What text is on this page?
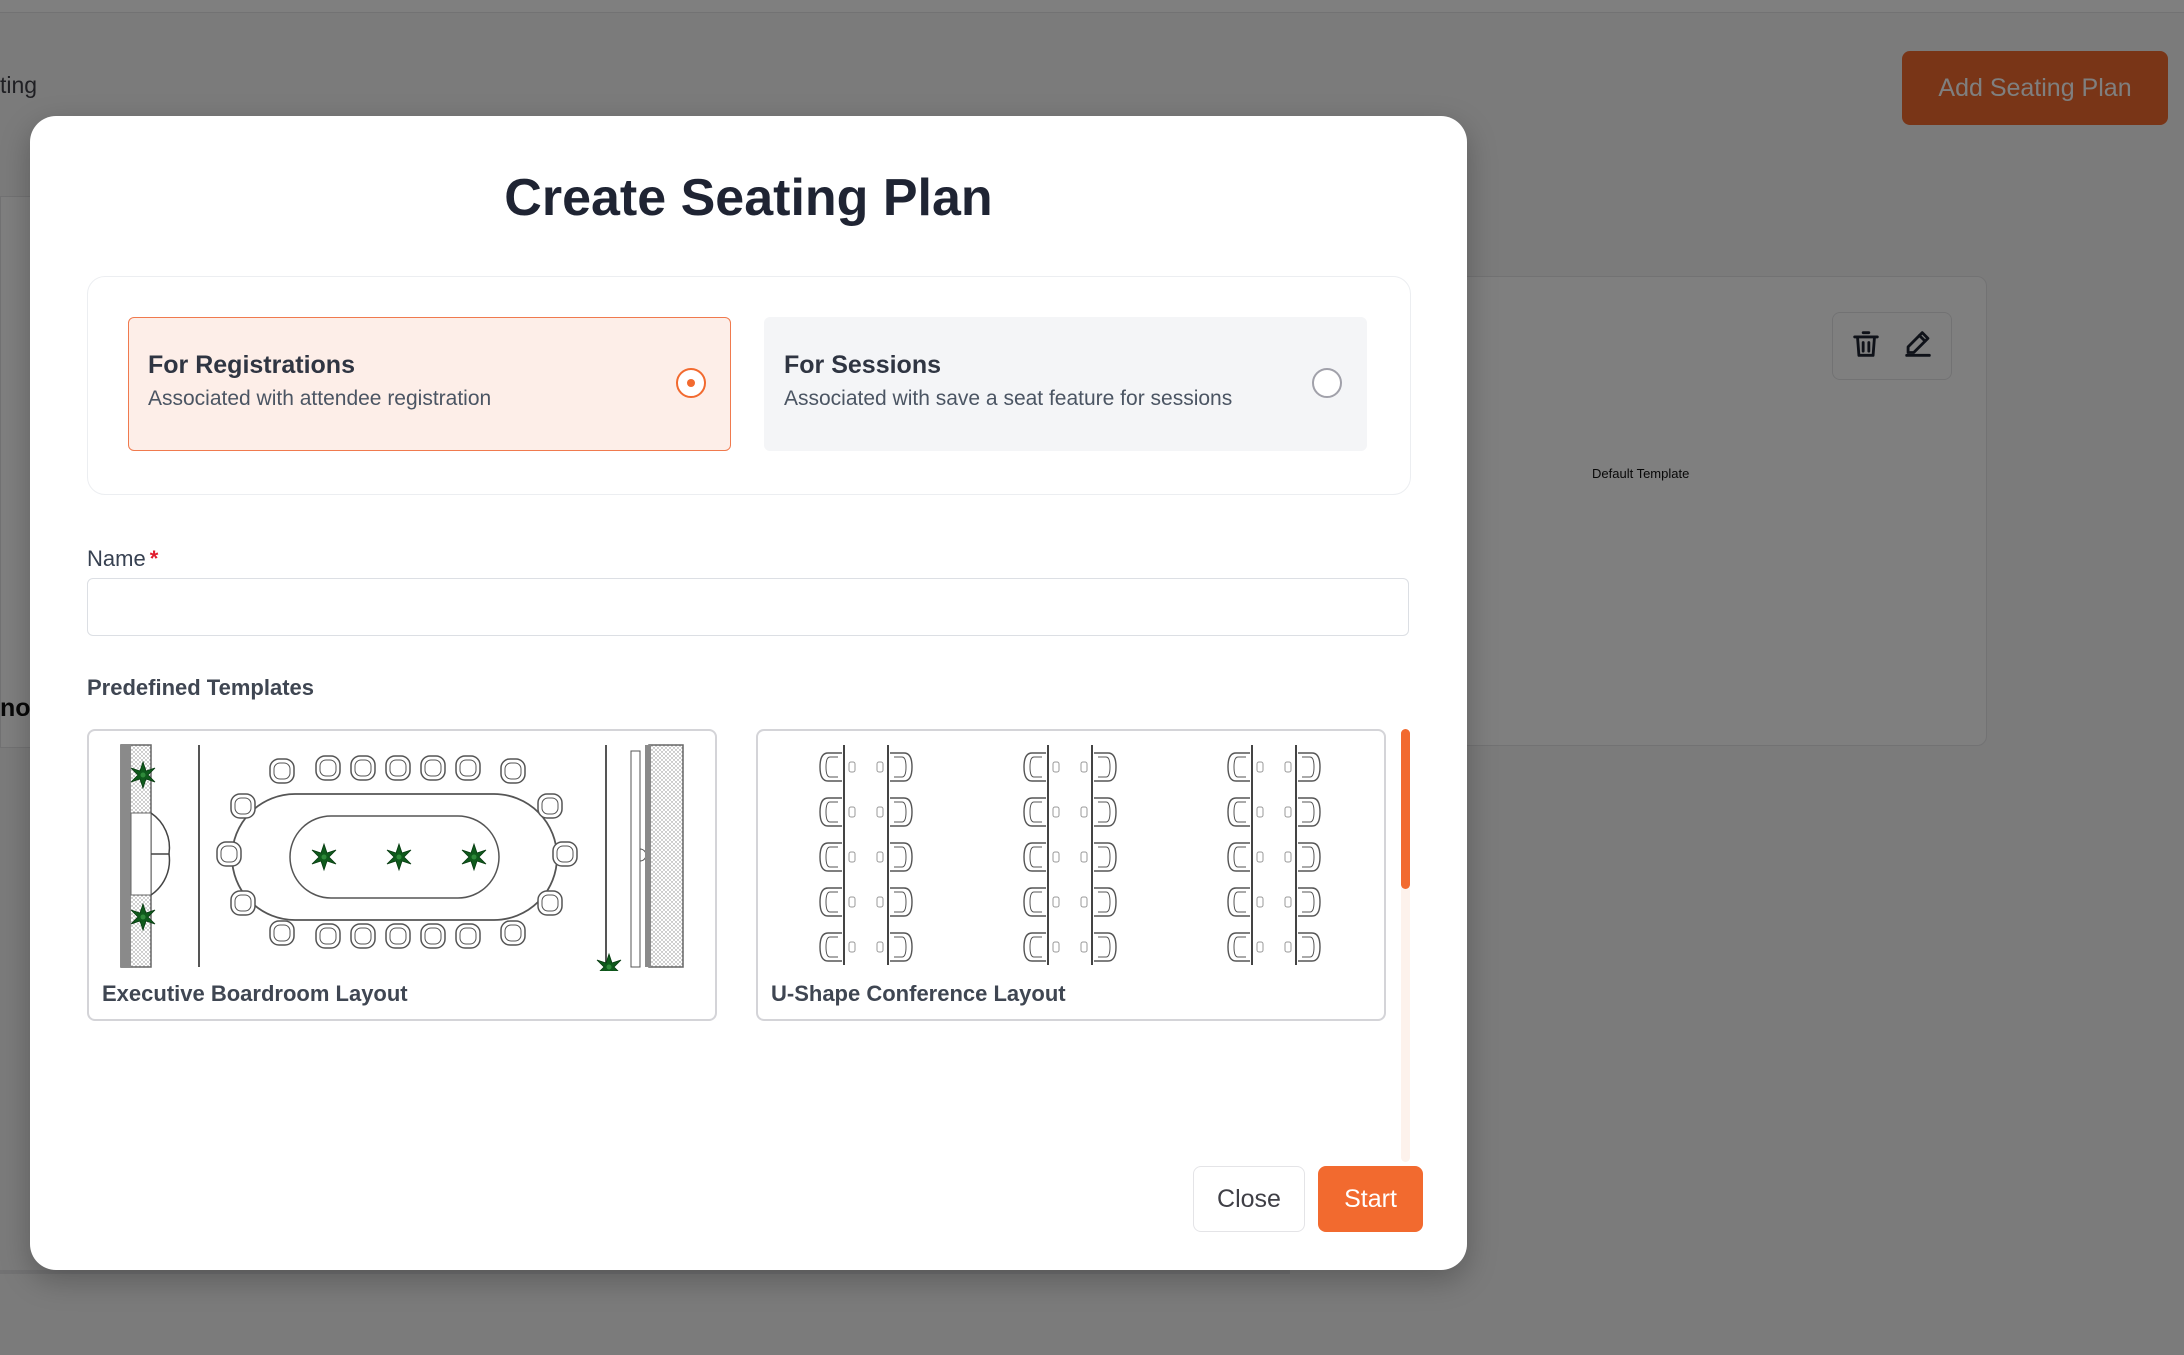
Create Seating Plan
For Registrations
Associated with attendee registration
For Sessions
Associated with save a seat feature for sessions
Name *
Predefined Templates
Executive Boardroom Layout	U-Shape Conference Layout
Close	Start
